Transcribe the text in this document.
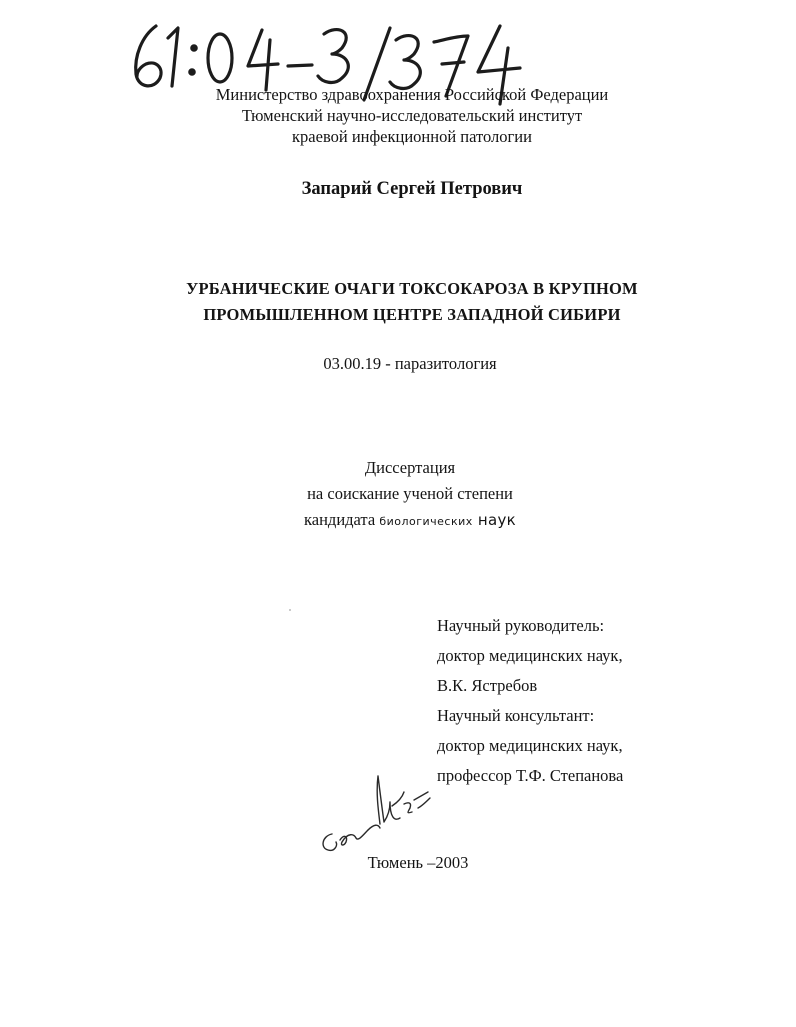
Министерство здравоохранения Российской Федерации
Тюменский научно-исследовательский институт
краевой инфекционной патологии
Запарий Сергей Петрович
УРБАНИЧЕСКИЕ ОЧАГИ ТОКСОКАРОЗА В КРУПНОМ
ПРОМЫШЛЕННОМ ЦЕНТРЕ ЗАПАДНОЙ СИБИРИ
03.00.19 - паразитология
Диссертация
на соискание ученой степени
кандидата биологических наук
Научный руководитель:
доктор медицинских наук,
В.К. Ястребов
Научный консультант:
доктор медицинских наук,
профессор Т.Ф. Степанова
Тюмень –2003
